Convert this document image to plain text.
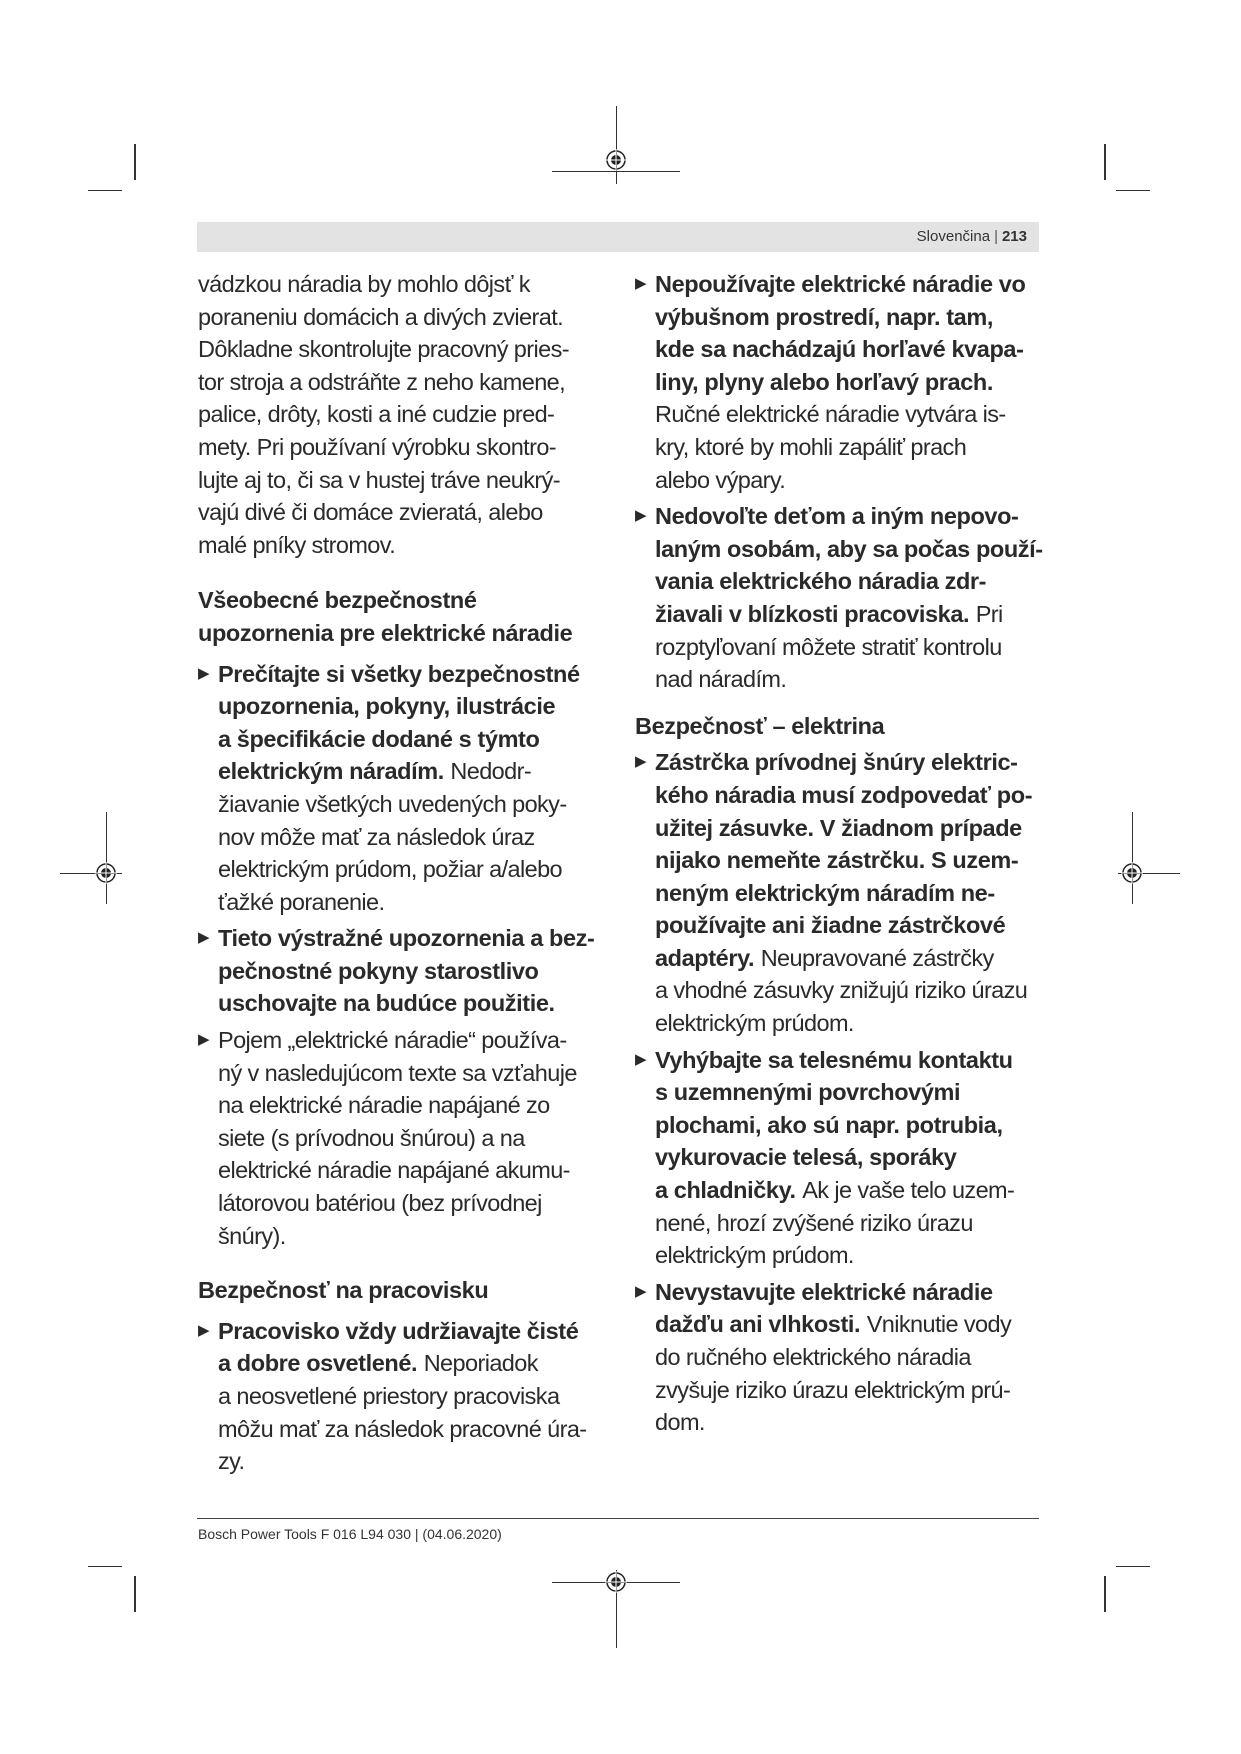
Slovenčina | 213
vádzkou náradia by mohlo dôjsť k
poraneniu domácich a divých zvierat.
Dôkladne skontrolujte pracovný pries-
tor stroja a odstráňte z neho kamene,
palice, drôty, kosti a iné cudzie pred-
mety. Pri používaní výrobku skontro-
lujte aj to, či sa v hustej tráve neukrý-
vajú divé či domáce zvieratá, alebo
malé pníky stromov.
Všeobecné bezpečnostné
upozornenia pre elektrické náradie
▶ Prečítajte si všetky bezpečnostné
upozornenia, pokyny, ilustrácie
a špecifikácie dodané s týmto
elektrickým náradím. Nedodr-
žiavanie všetkých uvedených poky-
nov môže mať za následok úraz
elektrickým prúdom, požiar a/alebo
ťažké poranenie.
▶ Tieto výstražné upozornenia a bez-
pečnostné pokyny starostlivo
uschovajte na budúce použitie.
▶ Pojem „elektrické náradie“ používa-
ný v nasledujúcom texte sa vzťahuje
na elektrické náradie napájané zo
siete (s prívodnou šnúrou) a na
elektrické náradie napájané akumu-
látorovou batériou (bez prívodnej
šnúry).
Bezpečnosť na pracovisku
▶ Pracovisko vždy udržiavajte čisté
a dobre osvetlené. Neporiadok
a neosvetlené priestory pracoviska
môžu mať za následok pracovné úra-
zy.
▶ Nepoužívajte elektrické náradie vo
výbušnom prostredí, napr. tam,
kde sa nachádzajú horľavé kvapa-
liny, plyny alebo horľavý prach.
Ručné elektrické náradie vytvára is-
kry, ktoré by mohli zapáliť prach
alebo výpary.
▶ Nedovoľte deťom a iným nepovo-
laným osobám, aby sa počas použí-
vania elektrického náradia zdr-
žiavali v blízkosti pracoviska. Pri
rozptyľovaní môžete stratiť kontrolu
nad náradím.
Bezpečnosť – elektrina
▶ Zástrčka prívodnej šnúry elektric-
kého náradia musí zodpovedať po-
užitej zásuvke. V žiadnom prípade
nijako nemeňte zástrčku. S uzem-
neným elektrickým náradím ne-
používajte ani žiadne zástrčkové
adaptéry. Neupravované zástrčky
a vhodné zásuvky znižujú riziko úrazu
elektrickým prúdom.
▶ Vyhýbajte sa telesnému kontaktu
s uzemnenými povrchovými
plochami, ako sú napr. potrubia,
vykurovacie telesá, sporáky
a chladničky. Ak je vaše telo uzem-
nené, hrozí zvýšené riziko úrazu
elektrickým prúdom.
▶ Nevystavujte elektrické náradie
dažďu ani vlhkosti. Vniknutie vody
do ručného elektrického náradia
zvyšuje riziko úrazu elektrickým prú-
dom.
Bosch Power Tools F 016 L94 030 | (04.06.2020)
